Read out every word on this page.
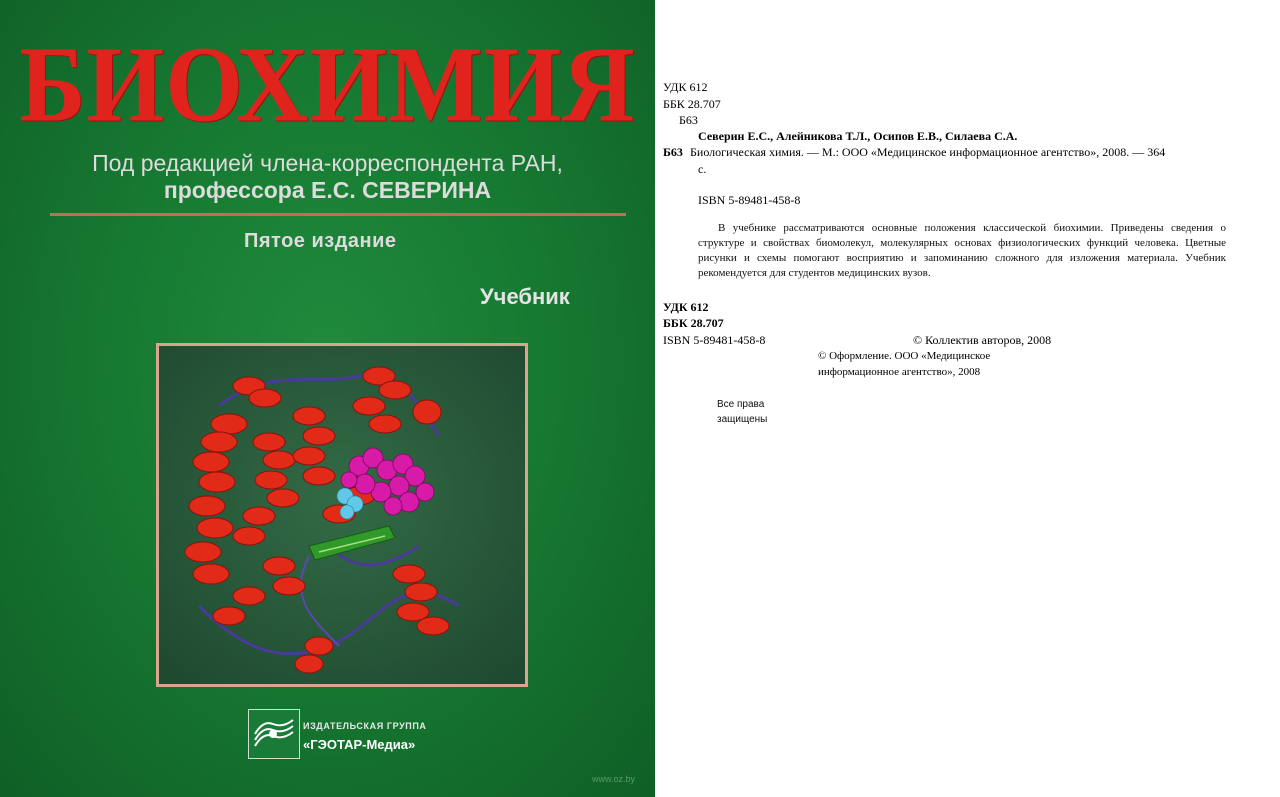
БИОХИМИЯ
Под редакцией члена-корреспондента РАН,
профессора Е.С. СЕВЕРИНА
Пятое издание
Учебник
ИЗДАТЕЛЬСКАЯ ГРУППА
«ГЭОТАР-Медиа»
www.oz.by
УДК 612
ББК 28.707
Б63
Северин Е.С., Алейникова Т.Л., Осипов Е.В., Силаева С.А.
Б63 Биологическая химия. — М.: ООО «Медицинское информационное агентство», 2008. — 364
с.
ISBN 5-89481-458-8
В учебнике рассматриваются основные положения классической биохимии. Приведены сведения о структуре и свойствах биомолекул, молекулярных основах физиологических функций человека. Цветные рисунки и схемы помогают восприятию и запоминанию сложного для изложения материала. Учебник рекомендуется для студентов медицинских вузов.
УДК 612
ББК 28.707
ISBN 5-89481-458-8	© Коллектив авторов, 2008
© Оформление. ООО «Медицинское
информационное агентство», 2008
Все права
защищены
